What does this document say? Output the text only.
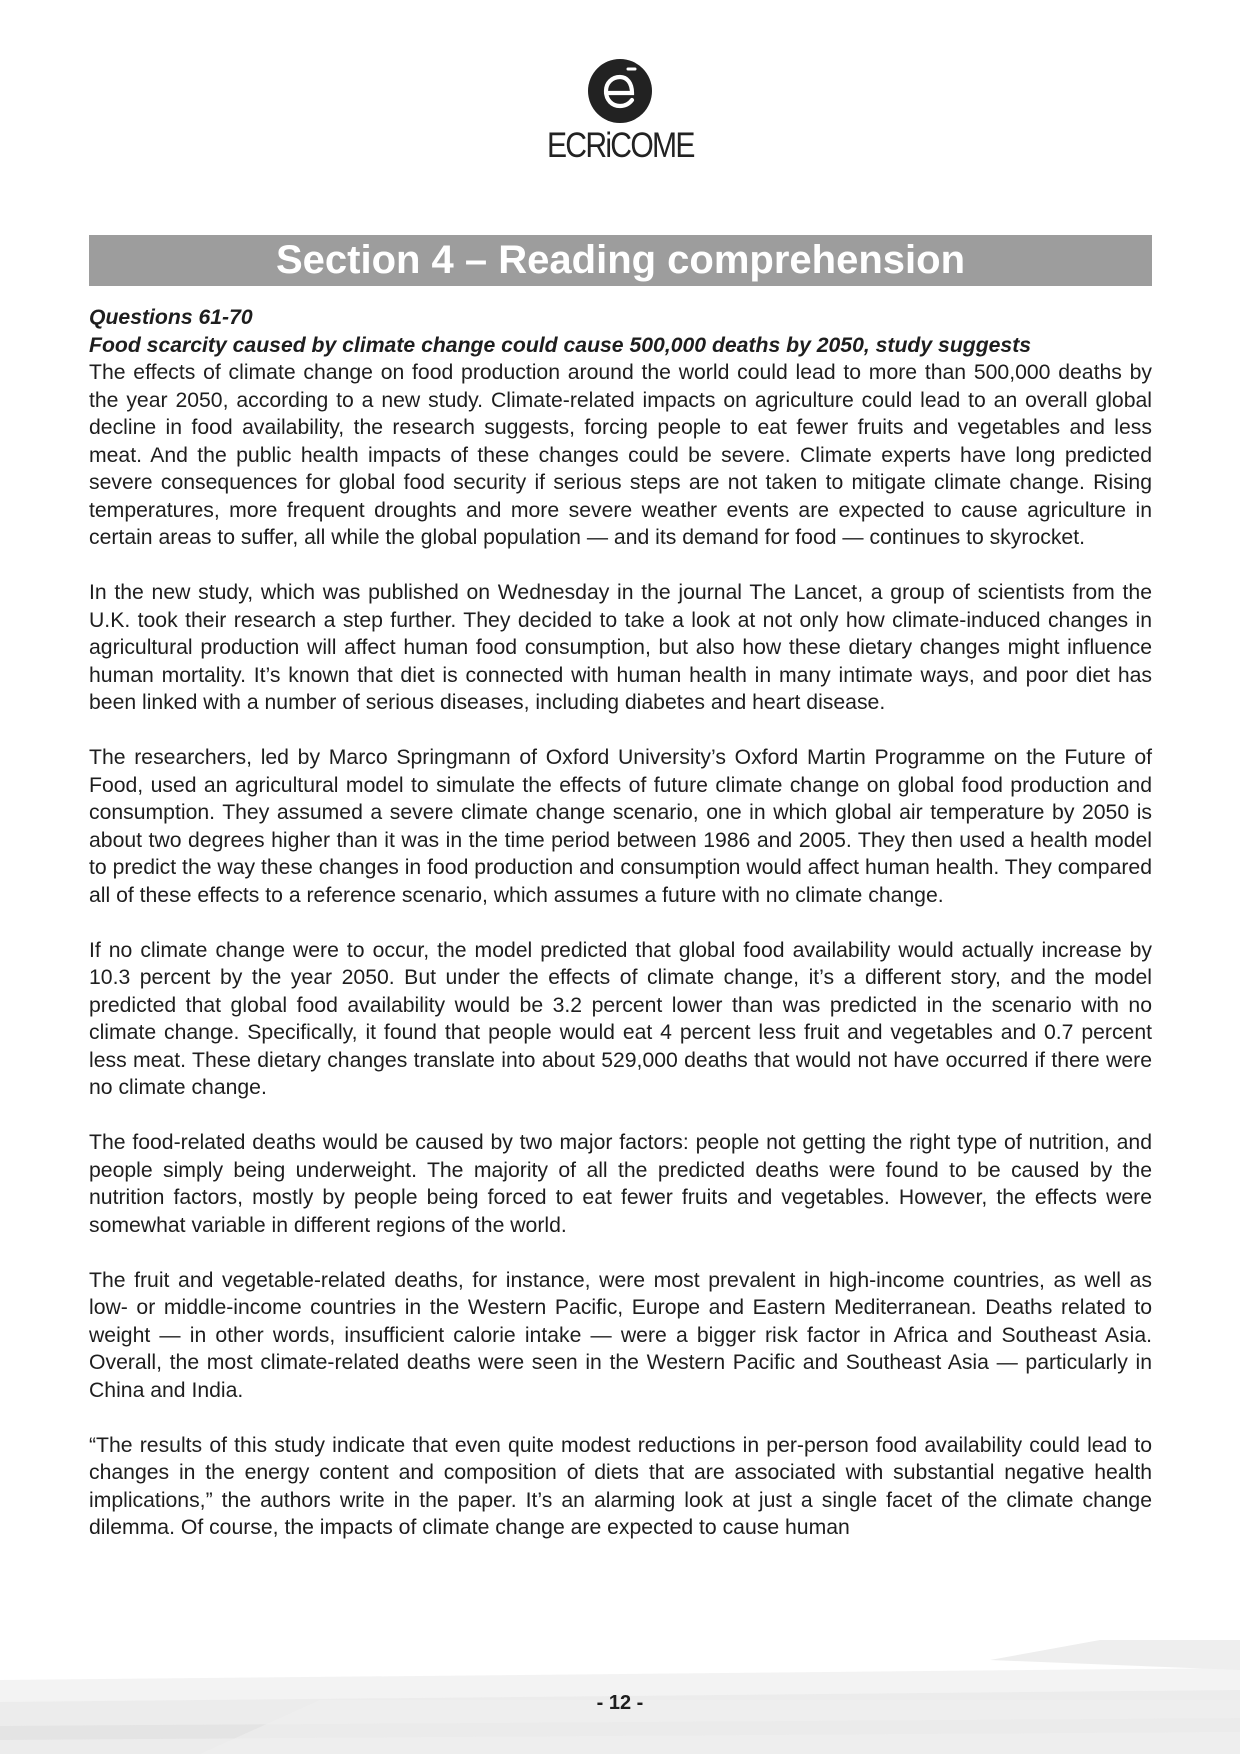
ECRiCOME
Section 4 – Reading comprehension
Questions 61-70
Food scarcity caused by climate change could cause 500,000 deaths by 2050, study suggests

The effects of climate change on food production around the world could lead to more than 500,000 deaths by the year 2050, according to a new study. Climate-related impacts on agriculture could lead to an overall global decline in food availability, the research suggests, forcing people to eat fewer fruits and vegetables and less meat. And the public health impacts of these changes could be severe. Climate experts have long predicted severe consequences for global food security if serious steps are not taken to mitigate climate change. Rising temperatures, more frequent droughts and more severe weather events are expected to cause agriculture in certain areas to suffer, all while the global population — and its demand for food — continues to skyrocket.

In the new study, which was published on Wednesday in the journal The Lancet, a group of scientists from the U.K. took their research a step further. They decided to take a look at not only how climate-induced changes in agricultural production will affect human food consumption, but also how these dietary changes might influence human mortality. It’s known that diet is connected with human health in many intimate ways, and poor diet has been linked with a number of serious diseases, including diabetes and heart disease.

The researchers, led by Marco Springmann of Oxford University’s Oxford Martin Programme on the Future of Food, used an agricultural model to simulate the effects of future climate change on global food production and consumption. They assumed a severe climate change scenario, one in which global air temperature by 2050 is about two degrees higher than it was in the time period between 1986 and 2005. They then used a health model to predict the way these changes in food production and consumption would affect human health. They compared all of these effects to a reference scenario, which assumes a future with no climate change.

If no climate change were to occur, the model predicted that global food availability would actually increase by 10.3 percent by the year 2050. But under the effects of climate change, it’s a different story, and the model predicted that global food availability would be 3.2 percent lower than was predicted in the scenario with no climate change. Specifically, it found that people would eat 4 percent less fruit and vegetables and 0.7 percent less meat. These dietary changes translate into about 529,000 deaths that would not have occurred if there were no climate change.

The food-related deaths would be caused by two major factors: people not getting the right type of nutrition, and people simply being underweight. The majority of all the predicted deaths were found to be caused by the nutrition factors, mostly by people being forced to eat fewer fruits and vegetables. However, the effects were somewhat variable in different regions of the world.

The fruit and vegetable-related deaths, for instance, were most prevalent in high-income countries, as well as low- or middle-income countries in the Western Pacific, Europe and Eastern Mediterranean. Deaths related to weight — in other words, insufficient calorie intake — were a bigger risk factor in Africa and Southeast Asia. Overall, the most climate-related deaths were seen in the Western Pacific and Southeast Asia — particularly in China and India.

“The results of this study indicate that even quite modest reductions in per-person food availability could lead to changes in the energy content and composition of diets that are associated with substantial negative health implications,” the authors write in the paper. It’s an alarming look at just a single facet of the climate change dilemma. Of course, the impacts of climate change are expected to cause human

- 12 -
